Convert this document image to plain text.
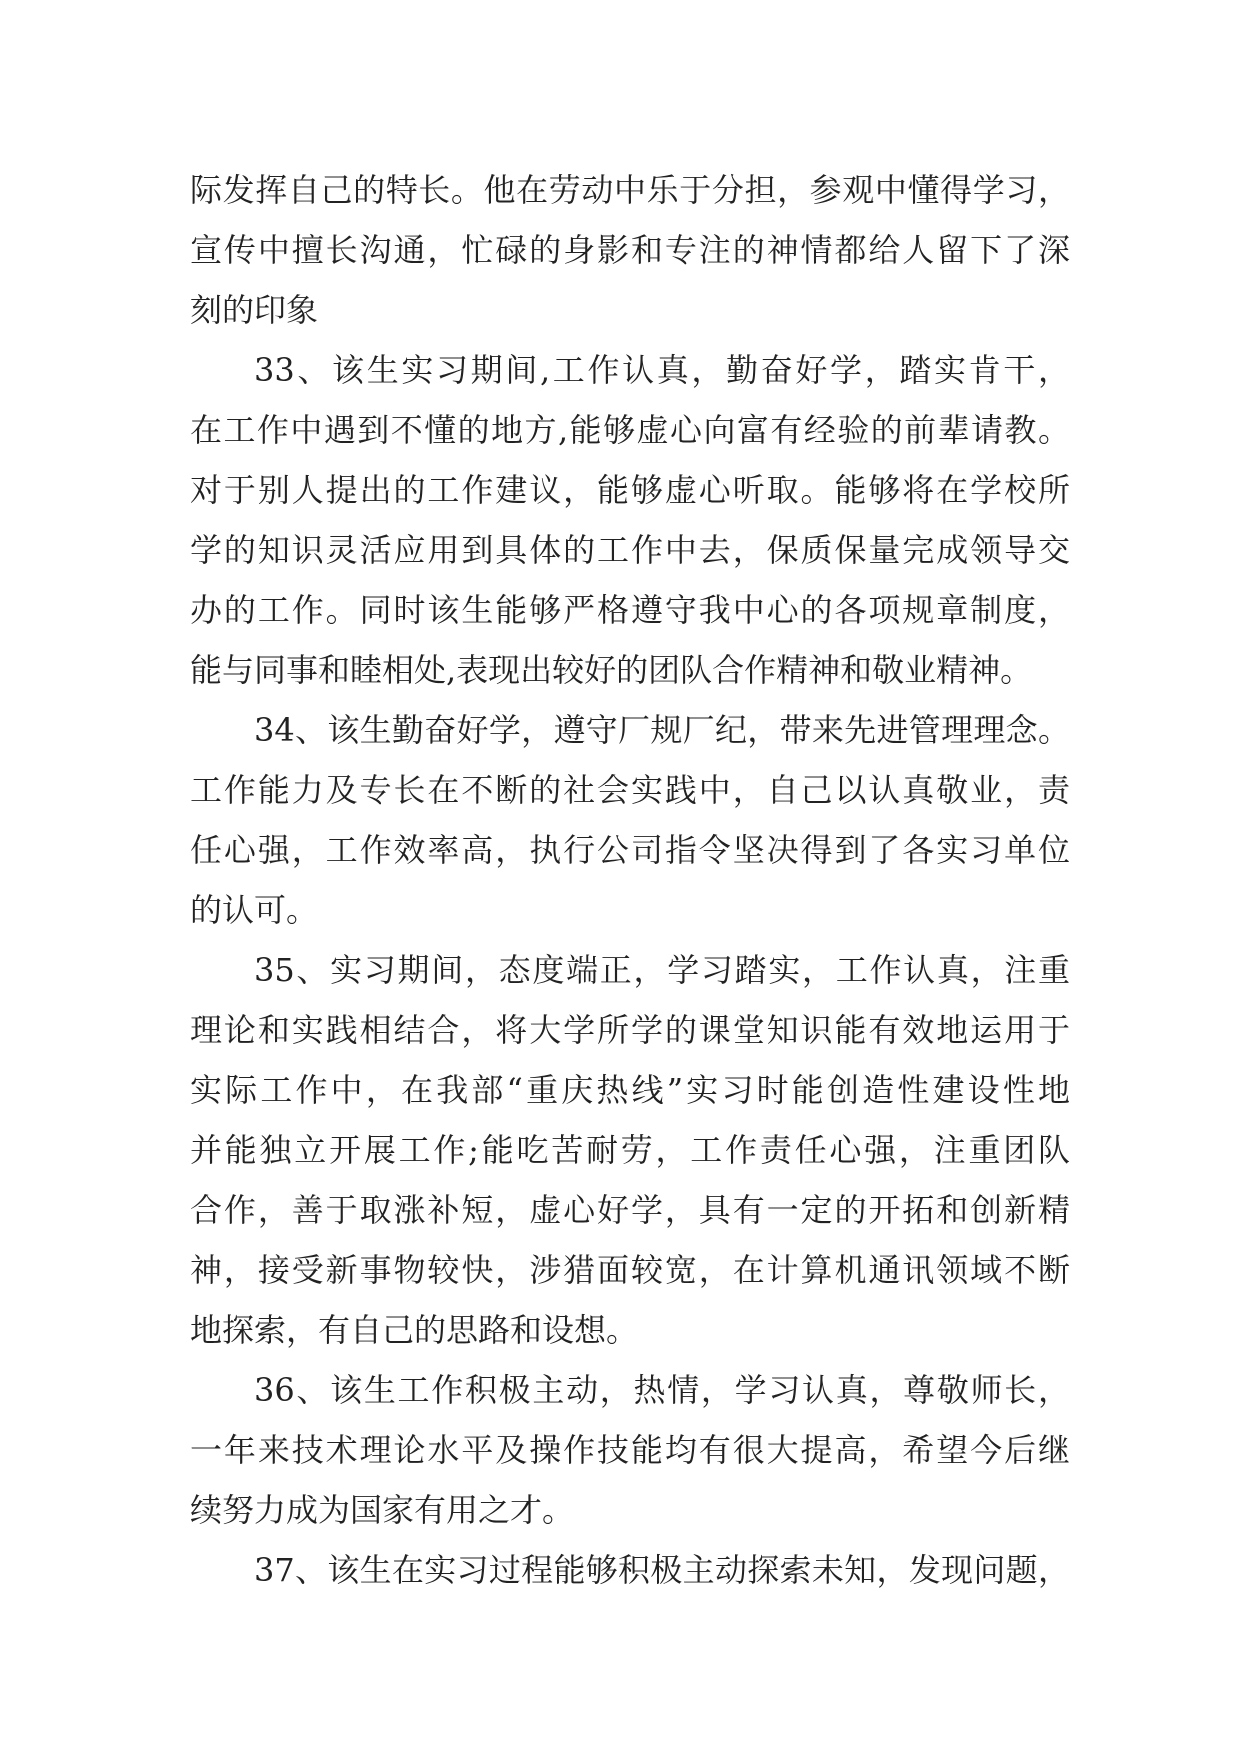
际发挥自己的特长。他在劳动中乐于分担，参观中懂得学习，
宣传中擅长沟通，忙碌的身影和专注的神情都给人留下了深
刻的印象
33、该生实习期间,工作认真，勤奋好学，踏实肯干，
在工作中遇到不懂的地方,能够虚心向富有经验的前辈请教。
对于别人提出的工作建议，能够虚心听取。能够将在学校所
学的知识灵活应用到具体的工作中去，保质保量完成领导交
办的工作。同时该生能够严格遵守我中心的各项规章制度，
能与同事和睦相处,表现出较好的团队合作精神和敬业精神。
34、该生勤奋好学，遵守厂规厂纪，带来先进管理理念。
工作能力及专长在不断的社会实践中，自己以认真敬业，责
任心强，工作效率高，执行公司指令坚决得到了各实习单位
的认可。
35、实习期间，态度端正，学习踏实，工作认真，注重
理论和实践相结合，将大学所学的课堂知识能有效地运用于
实际工作中，在我部“重庆热线”实习时能创造性建设性地
并能独立开展工作;能吃苦耐劳，工作责任心强，注重团队
合作，善于取涨补短，虚心好学，具有一定的开拓和创新精
神，接受新事物较快，涉猎面较宽，在计算机通讯领域不断
地探索，有自己的思路和设想。
36、该生工作积极主动，热情，学习认真，尊敬师长，
一年来技术理论水平及操作技能均有很大提高，希望今后继
续努力成为国家有用之才。
37、该生在实习过程能够积极主动探索未知，发现问题，
